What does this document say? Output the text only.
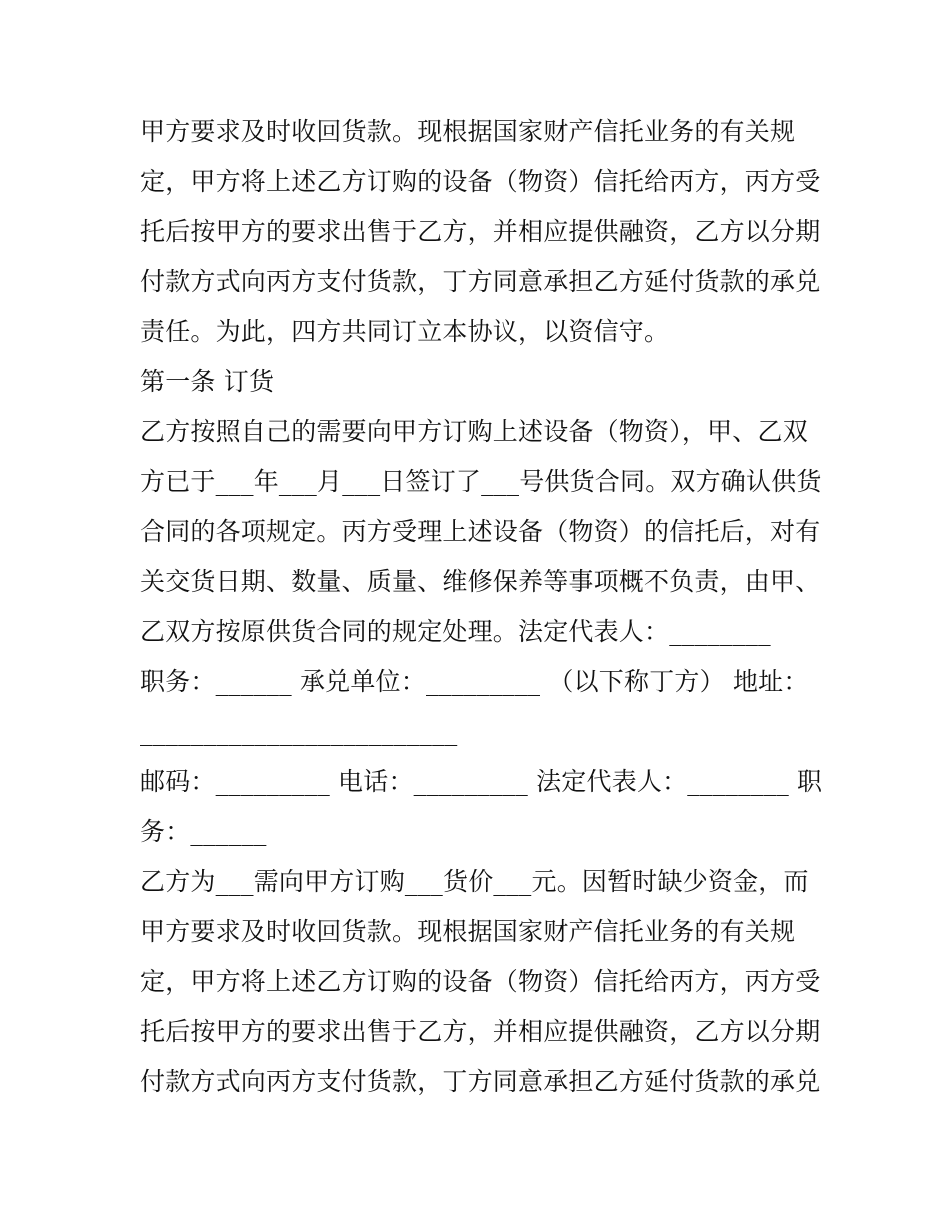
甲方要求及时收回货款。现根据国家财产信托业务的有关规
定，甲方将上述乙方订购的设备（物资）信托给丙方，丙方受
托后按甲方的要求出售于乙方，并相应提供融资，乙方以分期
付款方式向丙方支付货款，丁方同意承担乙方延付货款的承兑
责任。为此，四方共同订立本协议，以资信守。
第一条 订货
乙方按照自己的需要向甲方订购上述设备（物资），甲、乙双
方已于___年___月___日签订了___号供货合同。双方确认供货
合同的各项规定。丙方受理上述设备（物资）的信托后，对有
关交货日期、数量、质量、维修保养等事项概不负责，由甲、
乙双方按原供货合同的规定处理。法定代表人：________
职务：______ 承兑单位：_________ （以下称丁方） 地址：
_________________________
邮码：_________ 电话：_________ 法定代表人：________ 职
务：______
乙方为___需向甲方订购___货价___元。因暂时缺少资金，而
甲方要求及时收回货款。现根据国家财产信托业务的有关规
定，甲方将上述乙方订购的设备（物资）信托给丙方，丙方受
托后按甲方的要求出售于乙方，并相应提供融资，乙方以分期
付款方式向丙方支付货款，丁方同意承担乙方延付货款的承兑
